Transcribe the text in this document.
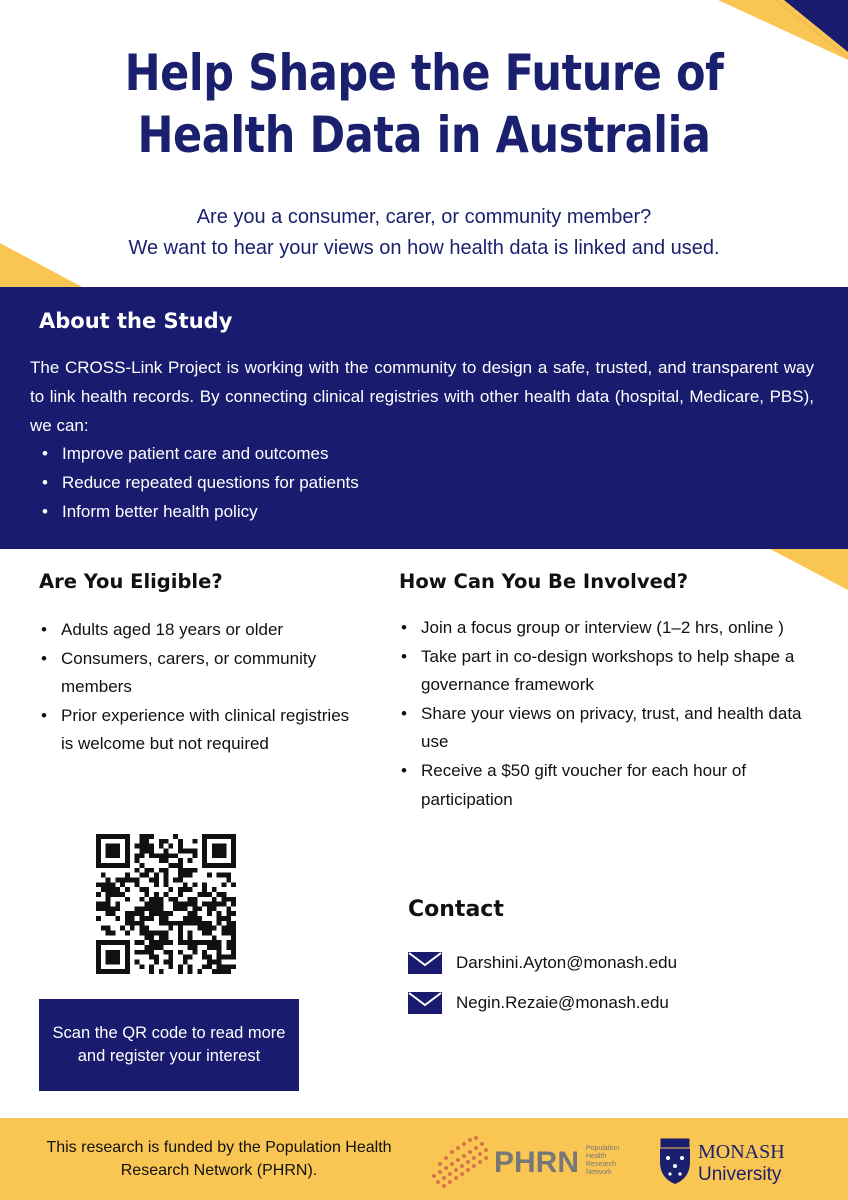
Help Shape the Future of
Health Data in Australia
Are you a consumer, carer, or community member?
We want to hear your views on how health data is linked and used.
About the Study

The CROSS-Link Project is working with the community to design a safe, trusted, and transparent way to link health records. By connecting clinical registries with other health data (hospital, Medicare, PBS), we can:

• Improve patient care and outcomes
• Reduce repeated questions for patients
• Inform better health policy
Are You Eligible?
• Adults aged 18 years or older
• Consumers, carers, or community members
• Prior experience with clinical registries is welcome but not required
How Can You Be Involved?
• Join a focus group or interview (1–2 hrs, online )
• Take part in co-design workshops to help shape a governance framework
• Share your views on privacy, trust, and health data use
• Receive a $50 gift voucher for each hour of participation
Scan the QR code to read more and register your interest
Contact
Darshini.Ayton@monash.edu
Negin.Rezaie@monash.edu
This research is funded by the Population Health Research Network (PHRN).	PHRN Population
Health
Research
Network
MONASH
University
